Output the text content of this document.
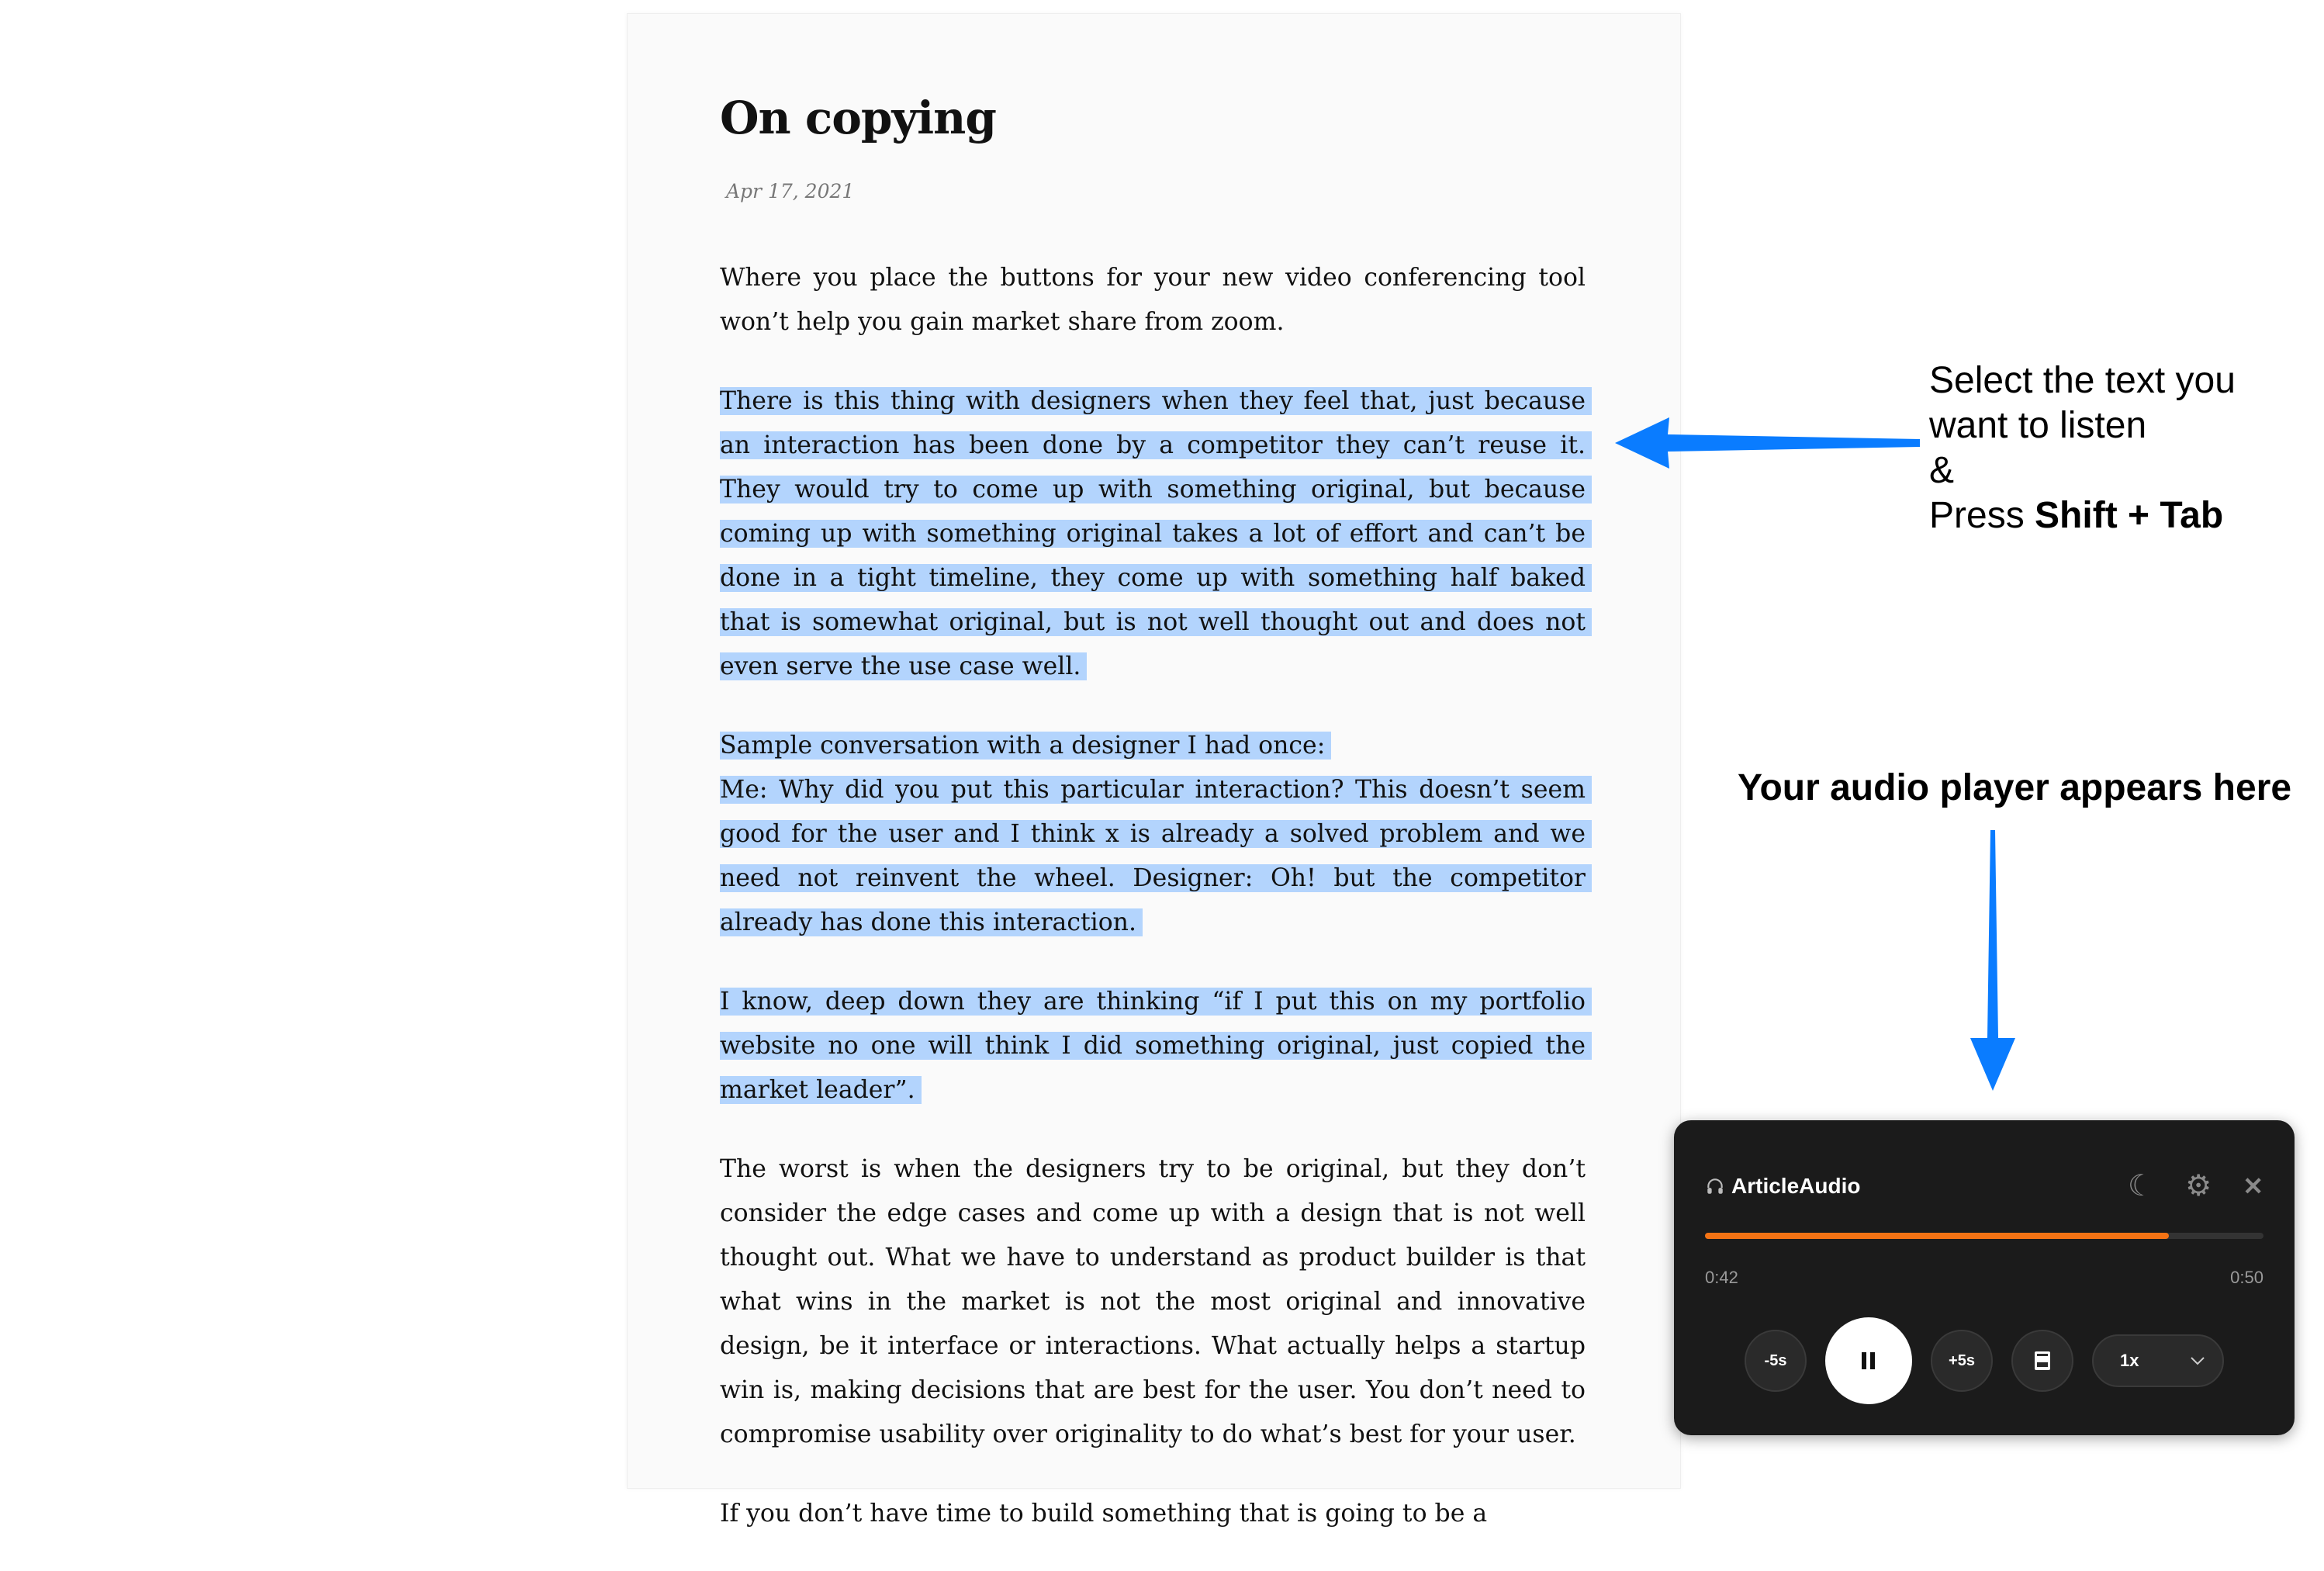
On copying
Apr 17, 2021

Where you place the buttons for your new video conferencing tool won’t help you gain market share from zoom.

There is this thing with designers when they feel that, just because an interaction has been done by a competitor they can’t reuse it. They would try to come up with something original, but because coming up with something original takes a lot of effort and can’t be done in a tight timeline, they come up with something half baked that is somewhat original, but is not well thought out and does not even serve the use case well.

Sample conversation with a designer I had once:

Me: Why did you put this particular interaction? This doesn’t seem good for the user and I think x is already a solved problem and we need not reinvent the wheel. Designer: Oh! but the competitor already has done this interaction.

I know, deep down they are thinking “if I put this on my portfolio website no one will think I did something original, just copied the market leader”.

The worst is when the designers try to be original, but they don’t consider the edge cases and come up with a design that is not well thought out. What we have to understand as product builder is that what wins in the market is not the most original and innovative design, be it interface or interactions. What actually helps a startup win is, making decisions that are best for the user. You don’t need to compromise usability over originality to do what’s best for your user.

If you don’t have time to build something that is going to be a

Select the text you
want to listen
&
Press Shift + Tab
Your audio player appears here
ArticleAudio	☾ ⚙ ✕
0:42	0:50
-5s	+5s	1x
